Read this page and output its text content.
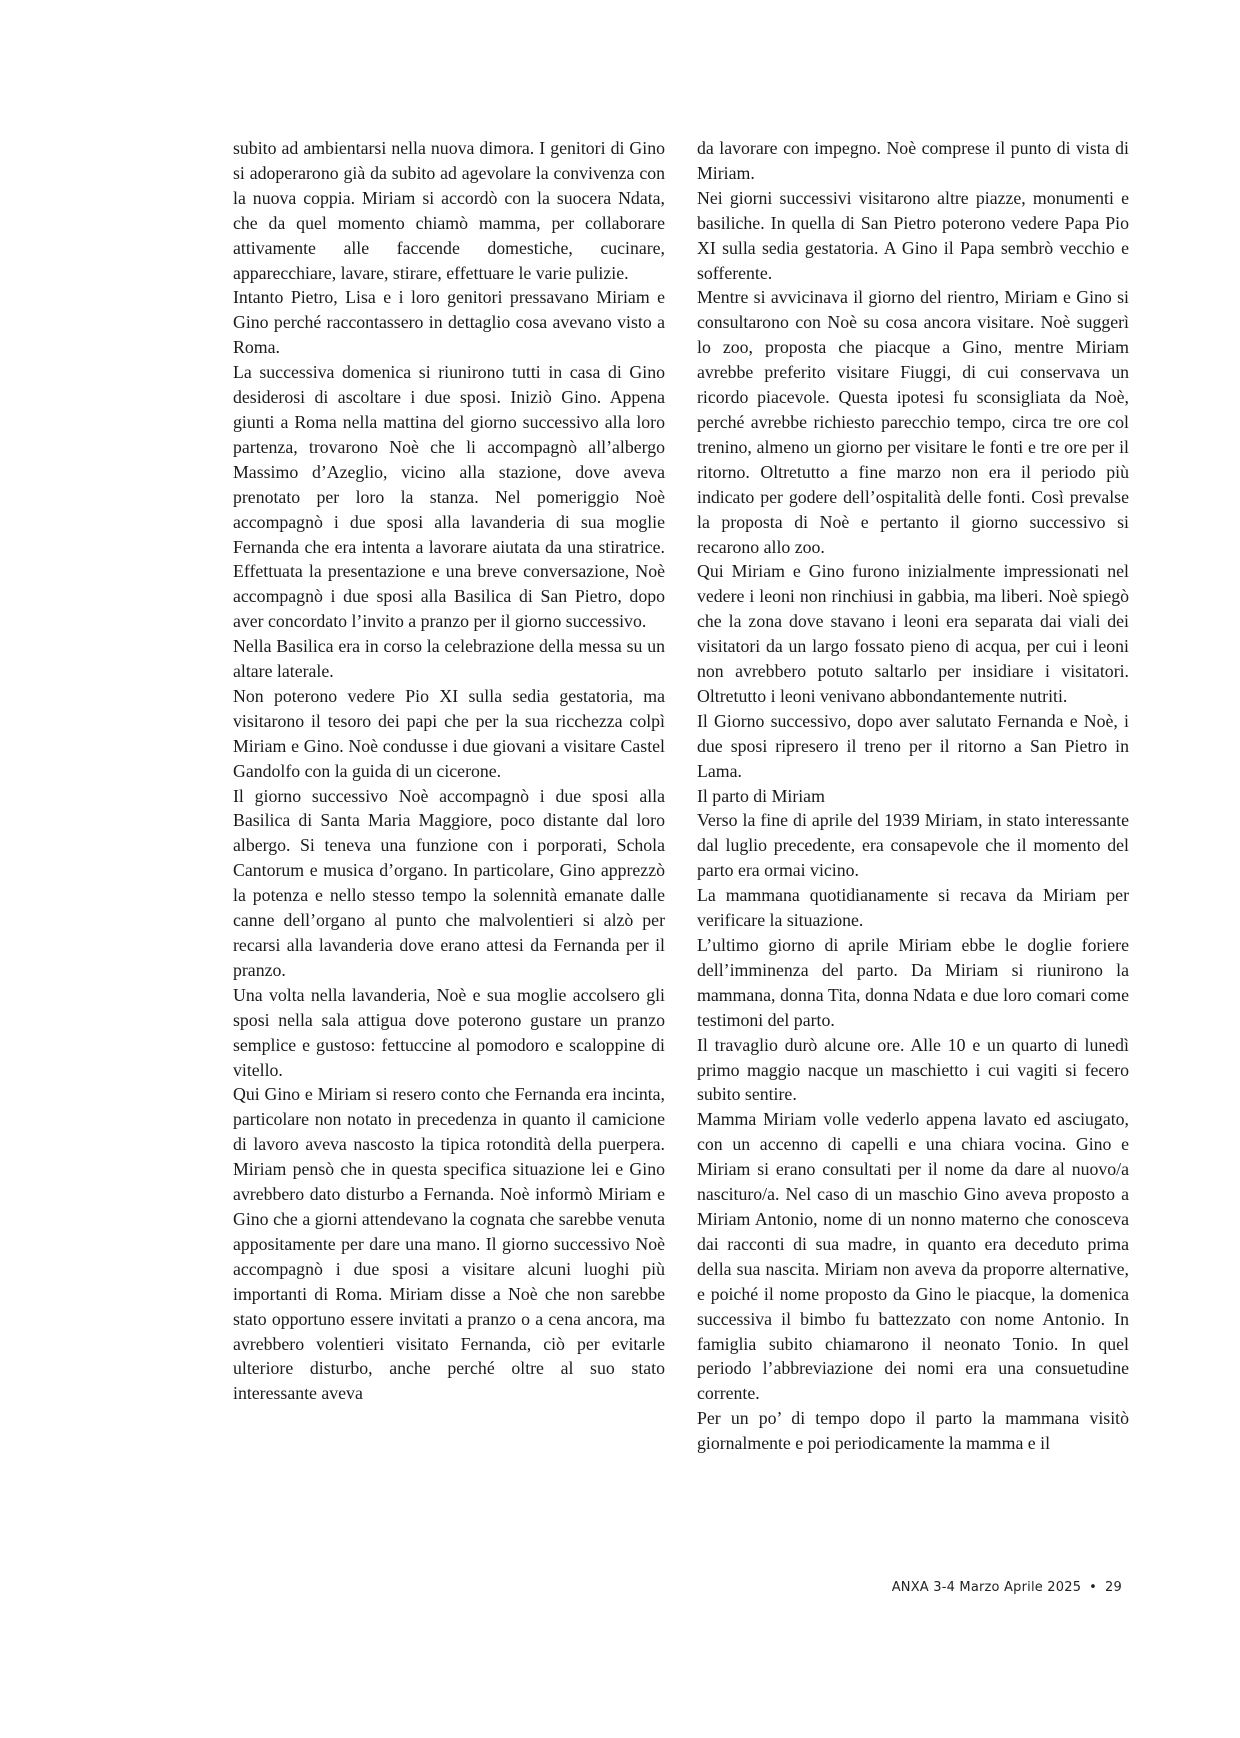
subito ad ambientarsi nella nuova dimora. I genitori di Gino si adoperarono già da subito ad agevolare la convivenza con la nuova coppia. Miriam si accordò con la suocera Ndata, che da quel momento chiamò mamma, per collaborare attivamente alle faccende domestiche, cucinare, apparecchiare, lavare, stirare, effettuare le varie pulizie.

Intanto Pietro, Lisa e i loro genitori pressavano Miriam e Gino perché raccontassero in dettaglio cosa avevano visto a Roma.

La successiva domenica si riunirono tutti in casa di Gino desiderosi di ascoltare i due sposi. Iniziò Gino. Appena giunti a Roma nella mattina del giorno successivo alla loro partenza, trovarono Noè che li accompagnò all’albergo Massimo d’Azeglio, vicino alla stazione, dove aveva prenotato per loro la stanza. Nel pomeriggio Noè accompagnò i due sposi alla lavanderia di sua moglie Fernanda che era intenta a lavorare aiutata da una stiratrice. Effettuata la presentazione e una breve conversazione, Noè accompagnò i due sposi alla Basilica di San Pietro, dopo aver concordato l’invito a pranzo per il giorno successivo.

Nella Basilica era in corso la celebrazione della messa su un altare laterale.

Non poterono vedere Pio XI sulla sedia gestatoria, ma visitarono il tesoro dei papi che per la sua ricchezza colpì Miriam e Gino. Noè condusse i due giovani a visitare Castel Gandolfo con la guida di un cicerone.

Il giorno successivo Noè accompagnò i due sposi alla Basilica di Santa Maria Maggiore, poco distante dal loro albergo. Si teneva una funzione con i porporati, Schola Cantorum e musica d’organo. In particolare, Gino apprezzò la potenza e nello stesso tempo la solennità emanate dalle canne dell’organo al punto che malvolentieri si alzò per recarsi alla lavanderia dove erano attesi da Fernanda per il pranzo.

Una volta nella lavanderia, Noè e sua moglie accolsero gli sposi nella sala attigua dove poterono gustare un pranzo semplice e gustoso: fettuccine al pomodoro e scaloppine di vitello.

Qui Gino e Miriam si resero conto che Fernanda era incinta, particolare non notato in precedenza in quanto il camicione di lavoro aveva nascosto la tipica rotondità della puerpera. Miriam pensò che in questa specifica situazione lei e Gino avrebbero dato disturbo a Fernanda. Noè informò Miriam e Gino che a giorni attendevano la cognata che sarebbe venuta appositamente per dare una mano. Il giorno successivo Noè accompagnò i due sposi a visitare alcuni luoghi più importanti di Roma. Miriam disse a Noè che non sarebbe stato opportuno essere invitati a pranzo o a cena ancora, ma avrebbero volentieri visitato Fernanda, ciò per evitarle ulteriore disturbo, anche perché oltre al suo stato interessante aveva

da lavorare con impegno. Noè comprese il punto di vista di Miriam.

Nei giorni successivi visitarono altre piazze, monumenti e basiliche. In quella di San Pietro poterono vedere Papa Pio XI sulla sedia gestatoria. A Gino il Papa sembrò vecchio e sofferente.

Mentre si avvicinava il giorno del rientro, Miriam e Gino si consultarono con Noè su cosa ancora visitare. Noè suggerì lo zoo, proposta che piacque a Gino, mentre Miriam avrebbe preferito visitare Fiuggi, di cui conservava un ricordo piacevole. Questa ipotesi fu sconsigliata da Noè, perché avrebbe richiesto parecchio tempo, circa tre ore col trenino, almeno un giorno per visitare le fonti e tre ore per il ritorno. Oltretutto a fine marzo non era il periodo più indicato per godere dell’ospitalità delle fonti. Così prevalse la proposta di Noè e pertanto il giorno successivo si recarono allo zoo.

Qui Miriam e Gino furono inizialmente impressionati nel vedere i leoni non rinchiusi in gabbia, ma liberi. Noè spiegò che la zona dove stavano i leoni era separata dai viali dei visitatori da un largo fossato pieno di acqua, per cui i leoni non avrebbero potuto saltarlo per insidiare i visitatori. Oltretutto i leoni venivano abbondantemente nutriti.

Il Giorno successivo, dopo aver salutato Fernanda e Noè, i due sposi ripresero il treno per il ritorno a San Pietro in Lama.

Il parto di Miriam

Verso la fine di aprile del 1939 Miriam, in stato interessante dal luglio precedente, era consapevole che il momento del parto era ormai vicino.

La mammana quotidianamente si recava da Miriam per verificare la situazione.

L’ultimo giorno di aprile Miriam ebbe le doglie foriere dell’imminenza del parto. Da Miriam si riunirono la mammana, donna Tita, donna Ndata e due loro comari come testimoni del parto.

Il travaglio durò alcune ore. Alle 10 e un quarto di lunedì primo maggio nacque un maschietto i cui vagiti si fecero subito sentire.

Mamma Miriam volle vederlo appena lavato ed asciugato, con un accenno di capelli e una chiara vocina. Gino e Miriam si erano consultati per il nome da dare al nuovo/a nascituro/a. Nel caso di un maschio Gino aveva proposto a Miriam Antonio, nome di un nonno materno che conosceva dai racconti di sua madre, in quanto era deceduto prima della sua nascita. Miriam non aveva da proporre alternative, e poiché il nome proposto da Gino le piacque, la domenica successiva il bimbo fu battezzato con nome Antonio. In famiglia subito chiamarono il neonato Tonio. In quel periodo l’abbreviazione dei nomi era una consuetudine corrente.

Per un po’ di tempo dopo il parto la mammana visitò giornalmente e poi periodicamente la mamma e il

ANXA 3-4 Marzo Aprile 2025 • 29
